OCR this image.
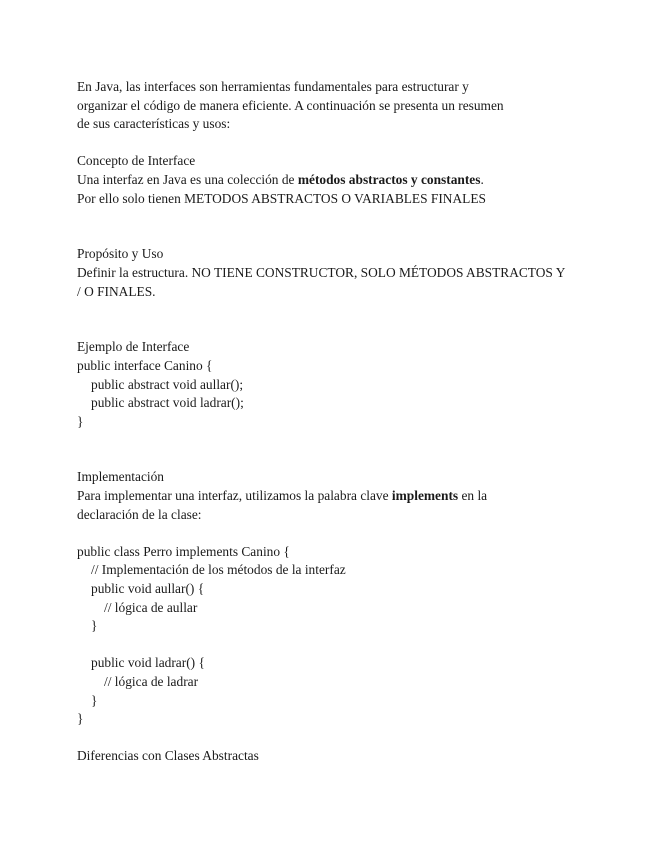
En Java, las interfaces son herramientas fundamentales para estructurar y
organizar el código de manera eficiente. A continuación se presenta un resumen
de sus características y usos:
Concepto de Interface
Una interfaz en Java es una colección de métodos abstractos y constantes.
Por ello solo tienen METODOS ABSTRACTOS O VARIABLES FINALES
Propósito y Uso
Definir la estructura. NO TIENE CONSTRUCTOR, SOLO MÉTODOS ABSTRACTOS Y
/ O FINALES.
Ejemplo de Interface
public interface Canino {
public abstract void aullar();
public abstract void ladrar();
}
Implementación
Para implementar una interfaz, utilizamos la palabra clave implements en la
declaración de la clase:
public class Perro implements Canino {
// Implementación de los métodos de la interfaz
public void aullar() {
// lógica de aullar
}
public void ladrar() {
// lógica de ladrar
}
}
Diferencias con Clases Abstractas
